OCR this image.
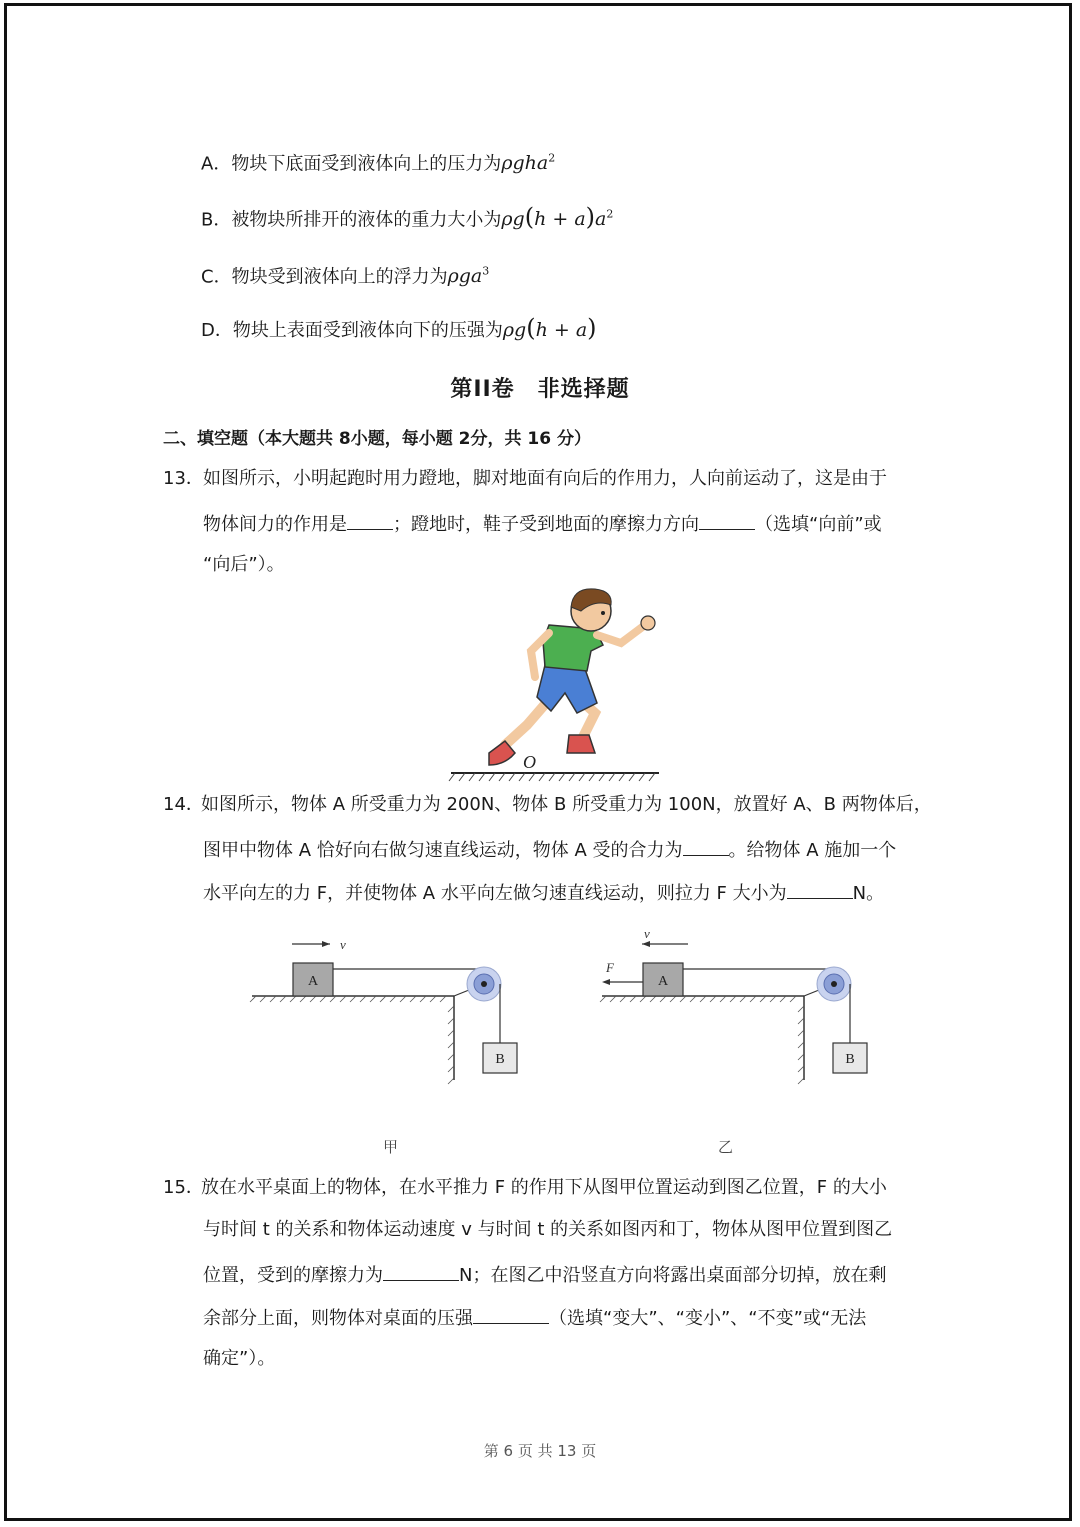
A．物块下底面受到液体向上的压力为ρgha$^2$
B．被物块所排开的液体的重力大小为$\rho g(h + a)a^2$
C．物块受到液体向上的浮力为ρga$^3$
D．物块上表面受到液体向下的压强为ρg(h + a)
第II卷　非选择题
二、填空题（本大题共 8小题，每小题 2分，共 16 分）
13． 如图所示，小明起跑时用力蹬地，脚对地面有向后的作用力，人向前运动了，这是由于
物体间力的作用是	；蹬地时，鞋子受到地面的摩擦力方向	（选填“向前”或
“向后”）。
O
14．
如图所示，物体 A 所受重力为 200N、物体 B 所受重力为 100N，放置好 A、B 两物体后，
图甲中物体 A 恰好向右做匀速直线运动，物体 A 受的合力为	。给物体 A 施加一个
水平向左的力 F，并使物体 A 水平向左做匀速直线运动，则拉力 F 大小为	N。
v
A
B
甲
v
F
A
B
乙
15．
放在水平桌面上的物体，在水平推力 F 的作用下从图甲位置运动到图乙位置，F 的大小
与时间 t 的关系和物体运动速度 v 与时间 t 的关系如图丙和丁，物体从图甲位置到图乙
位置，受到的摩擦力为	N；在图乙中沿竖直方向将露出桌面部分切掉，放在剩
余部分上面，则物体对桌面的压强	（选填“变大”、“变小”、“不变”或“无法
确定”）。
第 6 页 共 13 页
